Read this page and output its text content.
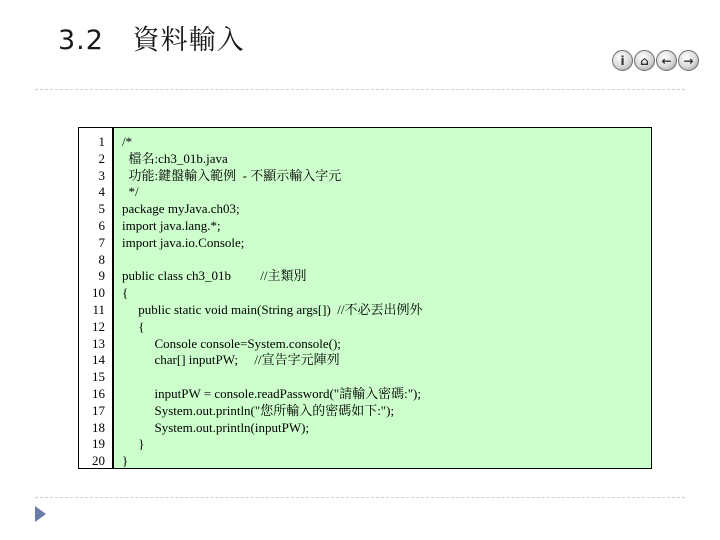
3.2   資料輸入
i	⌂	← →
1
2
3
4
5
6
7
8
9
10
11
12
13
14
15
16
17
18
19
20
/*
檔名:ch3_01b.java
功能:鍵盤輸入範例  - 不顯示輸入字元
*/
package myJava.ch03;
import java.lang.*;
import java.io.Console;
public class ch3_01b         //主類別
{
public static void main(String args[])  //不必丟出例外
{
Console console=System.console();
char[] inputPW;     //宣告字元陣列
inputPW = console.readPassword("請輸入密碼:");
System.out.println("您所輸入的密碼如下:");
System.out.println(inputPW);
}
}
